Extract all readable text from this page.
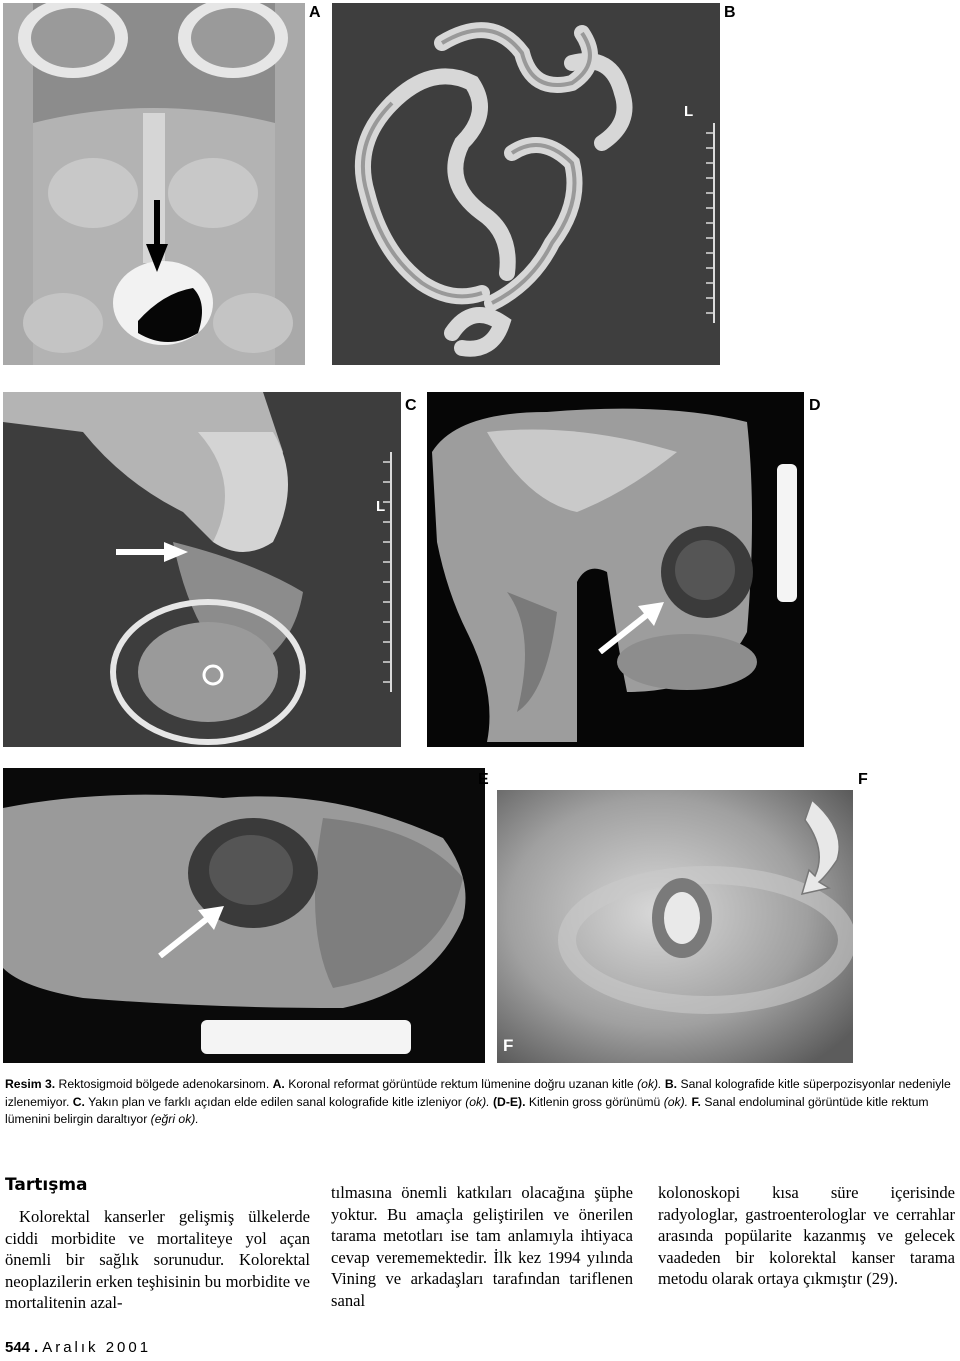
A
L
B
L
C	D
E
F
F
Resim 3. Rektosigmoid bölgede adenokarsinom. A. Koronal reformat görüntüde rektum lümenine doğru uzanan kitle (ok). B. Sanal kolografide kitle süperpozisyonlar nedeniyle izlenemiyor. C. Yakın plan ve farklı açıdan elde edilen sanal kolografide kitle izleniyor (ok). (D-E). Kitlenin gross görünümü (ok). F. Sanal endoluminal görüntüde kitle rektum lümenini belirgin daraltıyor (eğri ok).
Tartışma

Kolorektal kanserler gelişmiş ülkelerde ciddi morbidite ve mortaliteye yol açan önemli bir sağlık sorunudur. Kolorektal neoplazilerin erken teşhisinin bu morbidite ve mortalitenin azal-

tılmasına önemli katkıları olacağına şüphe yoktur. Bu amaçla geliştirilen ve önerilen tarama metotları ise tam anlamıyla ihtiyaca cevap verememektedir. İlk kez 1994 yılında Vining ve arkadaşları tarafından tariflenen sanal

kolonoskopi kısa süre içerisinde radyologlar, gastroenterologlar ve cerrahlar arasında popülarite kazanmış ve gelecek vaadeden bir kolorektal kanser tarama metodu olarak ortaya çıkmıştır (29).

544 . Aralık 2001
